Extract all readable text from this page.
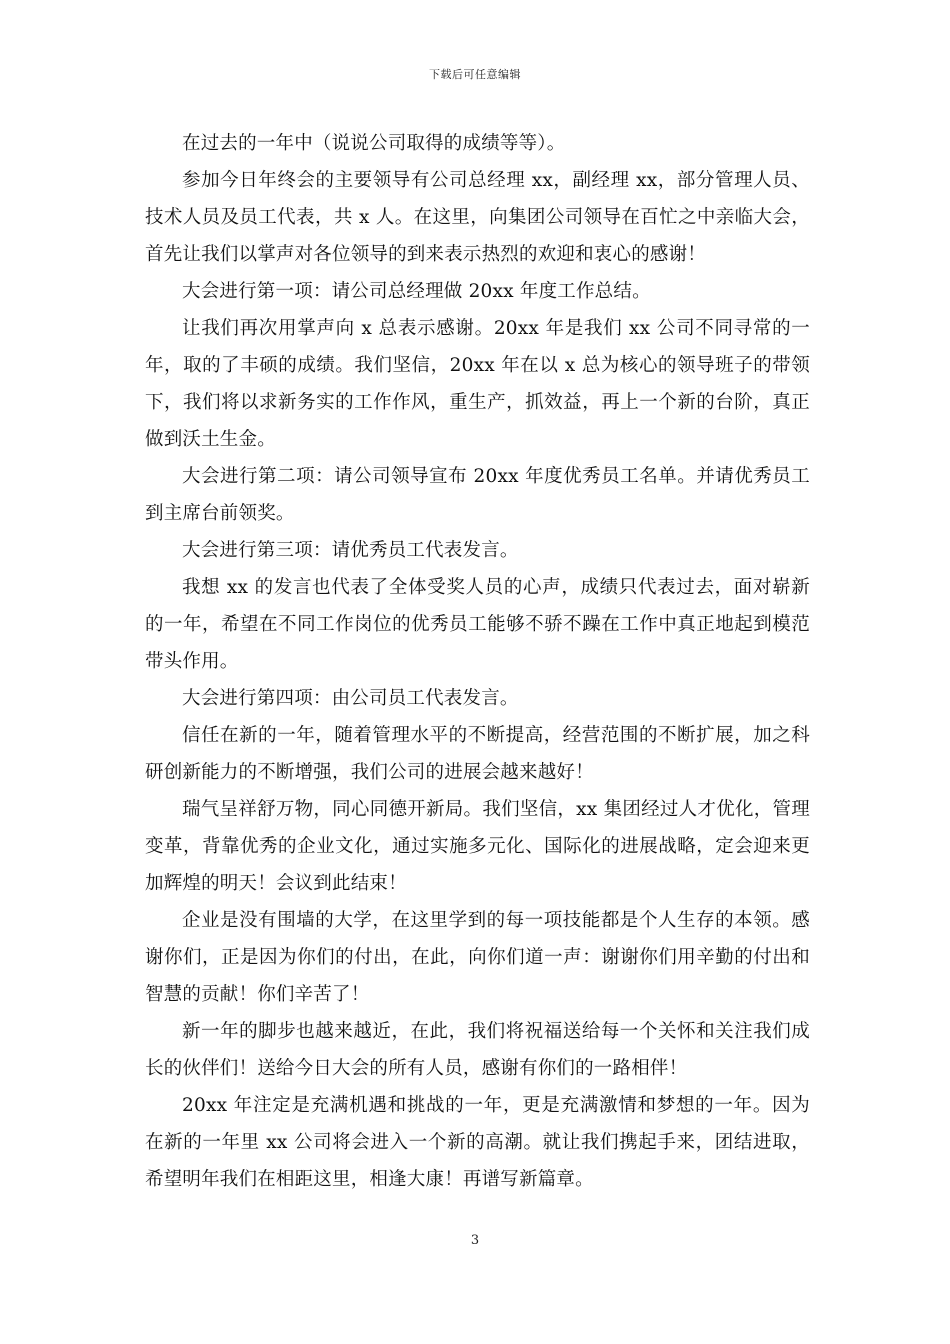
下载后可任意编辑

在过去的一年中（说说公司取得的成绩等等）。

参加今日年终会的主要领导有公司总经理 xx，副经理 xx，部分管理人员、技术人员及员工代表，共 x 人。在这里，向集团公司领导在百忙之中亲临大会，首先让我们以掌声对各位领导的到来表示热烈的欢迎和衷心的感谢！

大会进行第一项：请公司总经理做 20xx 年度工作总结。

让我们再次用掌声向 x 总表示感谢。20xx 年是我们 xx 公司不同寻常的一年，取的了丰硕的成绩。我们坚信，20xx 年在以 x 总为核心的领导班子的带领下，我们将以求新务实的工作作风，重生产，抓效益，再上一个新的台阶，真正做到沃土生金。

大会进行第二项：请公司领导宣布 20xx 年度优秀员工名单。并请优秀员工到主席台前领奖。

大会进行第三项：请优秀员工代表发言。

我想 xx 的发言也代表了全体受奖人员的心声，成绩只代表过去，面对崭新的一年，希望在不同工作岗位的优秀员工能够不骄不躁在工作中真正地起到模范带头作用。

大会进行第四项：由公司员工代表发言。

信任在新的一年，随着管理水平的不断提高，经营范围的不断扩展，加之科研创新能力的不断增强，我们公司的进展会越来越好！

瑞气呈祥舒万物，同心同德开新局。我们坚信，xx 集团经过人才优化，管理变革，背靠优秀的企业文化，通过实施多元化、国际化的进展战略，定会迎来更加辉煌的明天！会议到此结束！

企业是没有围墙的大学，在这里学到的每一项技能都是个人生存的本领。感谢你们，正是因为你们的付出，在此，向你们道一声：谢谢你们用辛勤的付出和智慧的贡献！你们辛苦了！

新一年的脚步也越来越近，在此，我们将祝福送给每一个关怀和关注我们成长的伙伴们！送给今日大会的所有人员，感谢有你们的一路相伴！

20xx 年注定是充满机遇和挑战的一年，更是充满激情和梦想的一年。因为在新的一年里 xx 公司将会进入一个新的高潮。就让我们携起手来，团结进取，希望明年我们在相距这里，相逢大康！再谱写新篇章。

3
